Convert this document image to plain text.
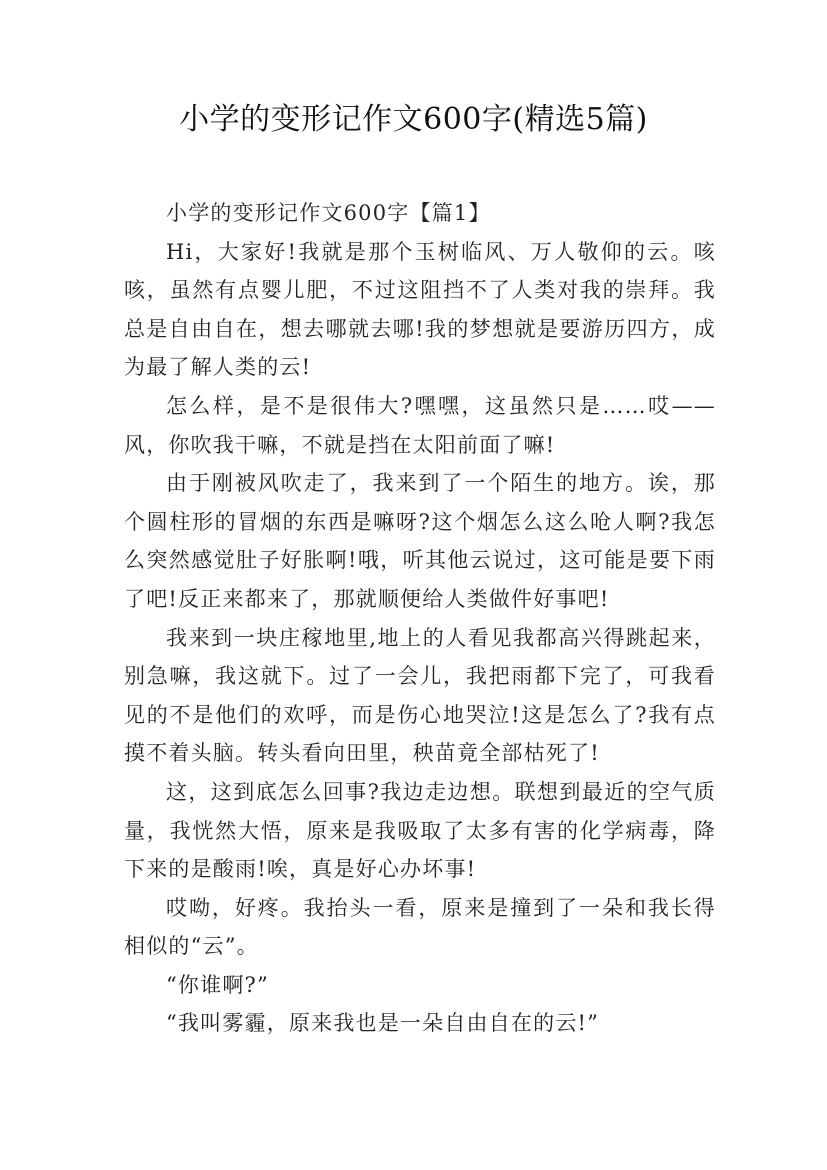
小学的变形记作文600字(精选5篇)

小学的变形记作文600字【篇1】

Hi，大家好!我就是那个玉树临风、万人敬仰的云。咳咳，虽然有点婴儿肥，不过这阻挡不了人类对我的崇拜。我总是自由自在，想去哪就去哪!我的梦想就是要游历四方，成为最了解人类的云!

怎么样，是不是很伟大?嘿嘿，这虽然只是……哎——风，你吹我干嘛，不就是挡在太阳前面了嘛!

由于刚被风吹走了，我来到了一个陌生的地方。诶，那个圆柱形的冒烟的东西是嘛呀?这个烟怎么这么呛人啊?我怎么突然感觉肚子好胀啊!哦，听其他云说过，这可能是要下雨了吧!反正来都来了，那就顺便给人类做件好事吧!

我来到一块庄稼地里,地上的人看见我都高兴得跳起来，别急嘛，我这就下。过了一会儿，我把雨都下完了，可我看见的不是他们的欢呼，而是伤心地哭泣!这是怎么了?我有点摸不着头脑。转头看向田里，秧苗竟全部枯死了!

这，这到底怎么回事?我边走边想。联想到最近的空气质量，我恍然大悟，原来是我吸取了太多有害的化学病毒，降下来的是酸雨!唉，真是好心办坏事!

哎呦，好疼。我抬头一看，原来是撞到了一朵和我长得相似的“云”。

“你谁啊?”

“我叫雾霾，原来我也是一朵自由自在的云!”
